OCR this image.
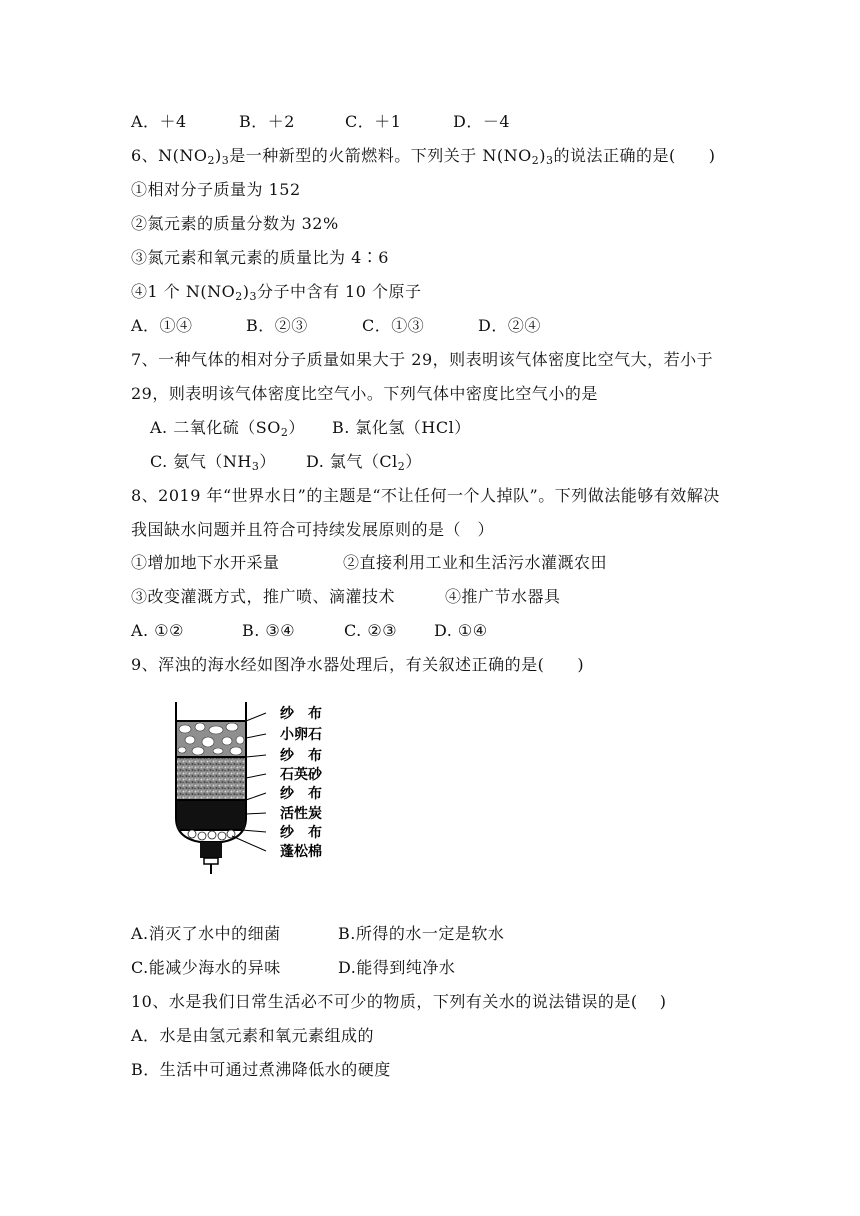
A．＋4	B．＋2	C．＋1	D．－4
6、$N(NO_2)_3$是一种新型的火箭燃料。下列关于 $N(NO_2)_3$的说法正确的是(　　)
①相对分子质量为 152
②氮元素的质量分数为 32%
③氮元素和氧元素的质量比为 4∶6
④1 个 $N(NO_2)_3$分子中含有 10 个原子
A．①④	B．②③	C．①③	D．②④
7、一种气体的相对分子质量如果大于 29，则表明该气体密度比空气大，若小于
29，则表明该气体密度比空气小。下列气体中密度比空气小的是
A. 二氧化硫$(SO_2)$ B. 氯化氢（HCl）
C. 氨气$(NH_3)$ D. 氯气$(Cl_2)$
8、2019 年“世界水日”的主题是“不让任何一个人掉队”。下列做法能够有效解决
我国缺水问题并且符合可持续发展原则的是（　）
①增加地下水开采量	②直接利用工业和生活污水灌溉农田
③改变灌溉方式，推广喷、滴灌技术	④推广节水器具
A. ①②	B. ③④	C. ②③ D. ①④
9、浑浊的海水经如图净水器处理后，有关叙述正确的是(　　)
纱　布
小卵石
纱　布
石英砂
纱　布
活性炭
纱　布
蓬松棉
A.消灭了水中的细菌	B.所得的水一定是软水
C.能减少海水的异味	D.能得到纯净水
10、水是我们日常生活必不可少的物质，下列有关水的说法错误的是(　 )
A．水是由氢元素和氧元素组成的
B．生活中可通过煮沸降低水的硬度
